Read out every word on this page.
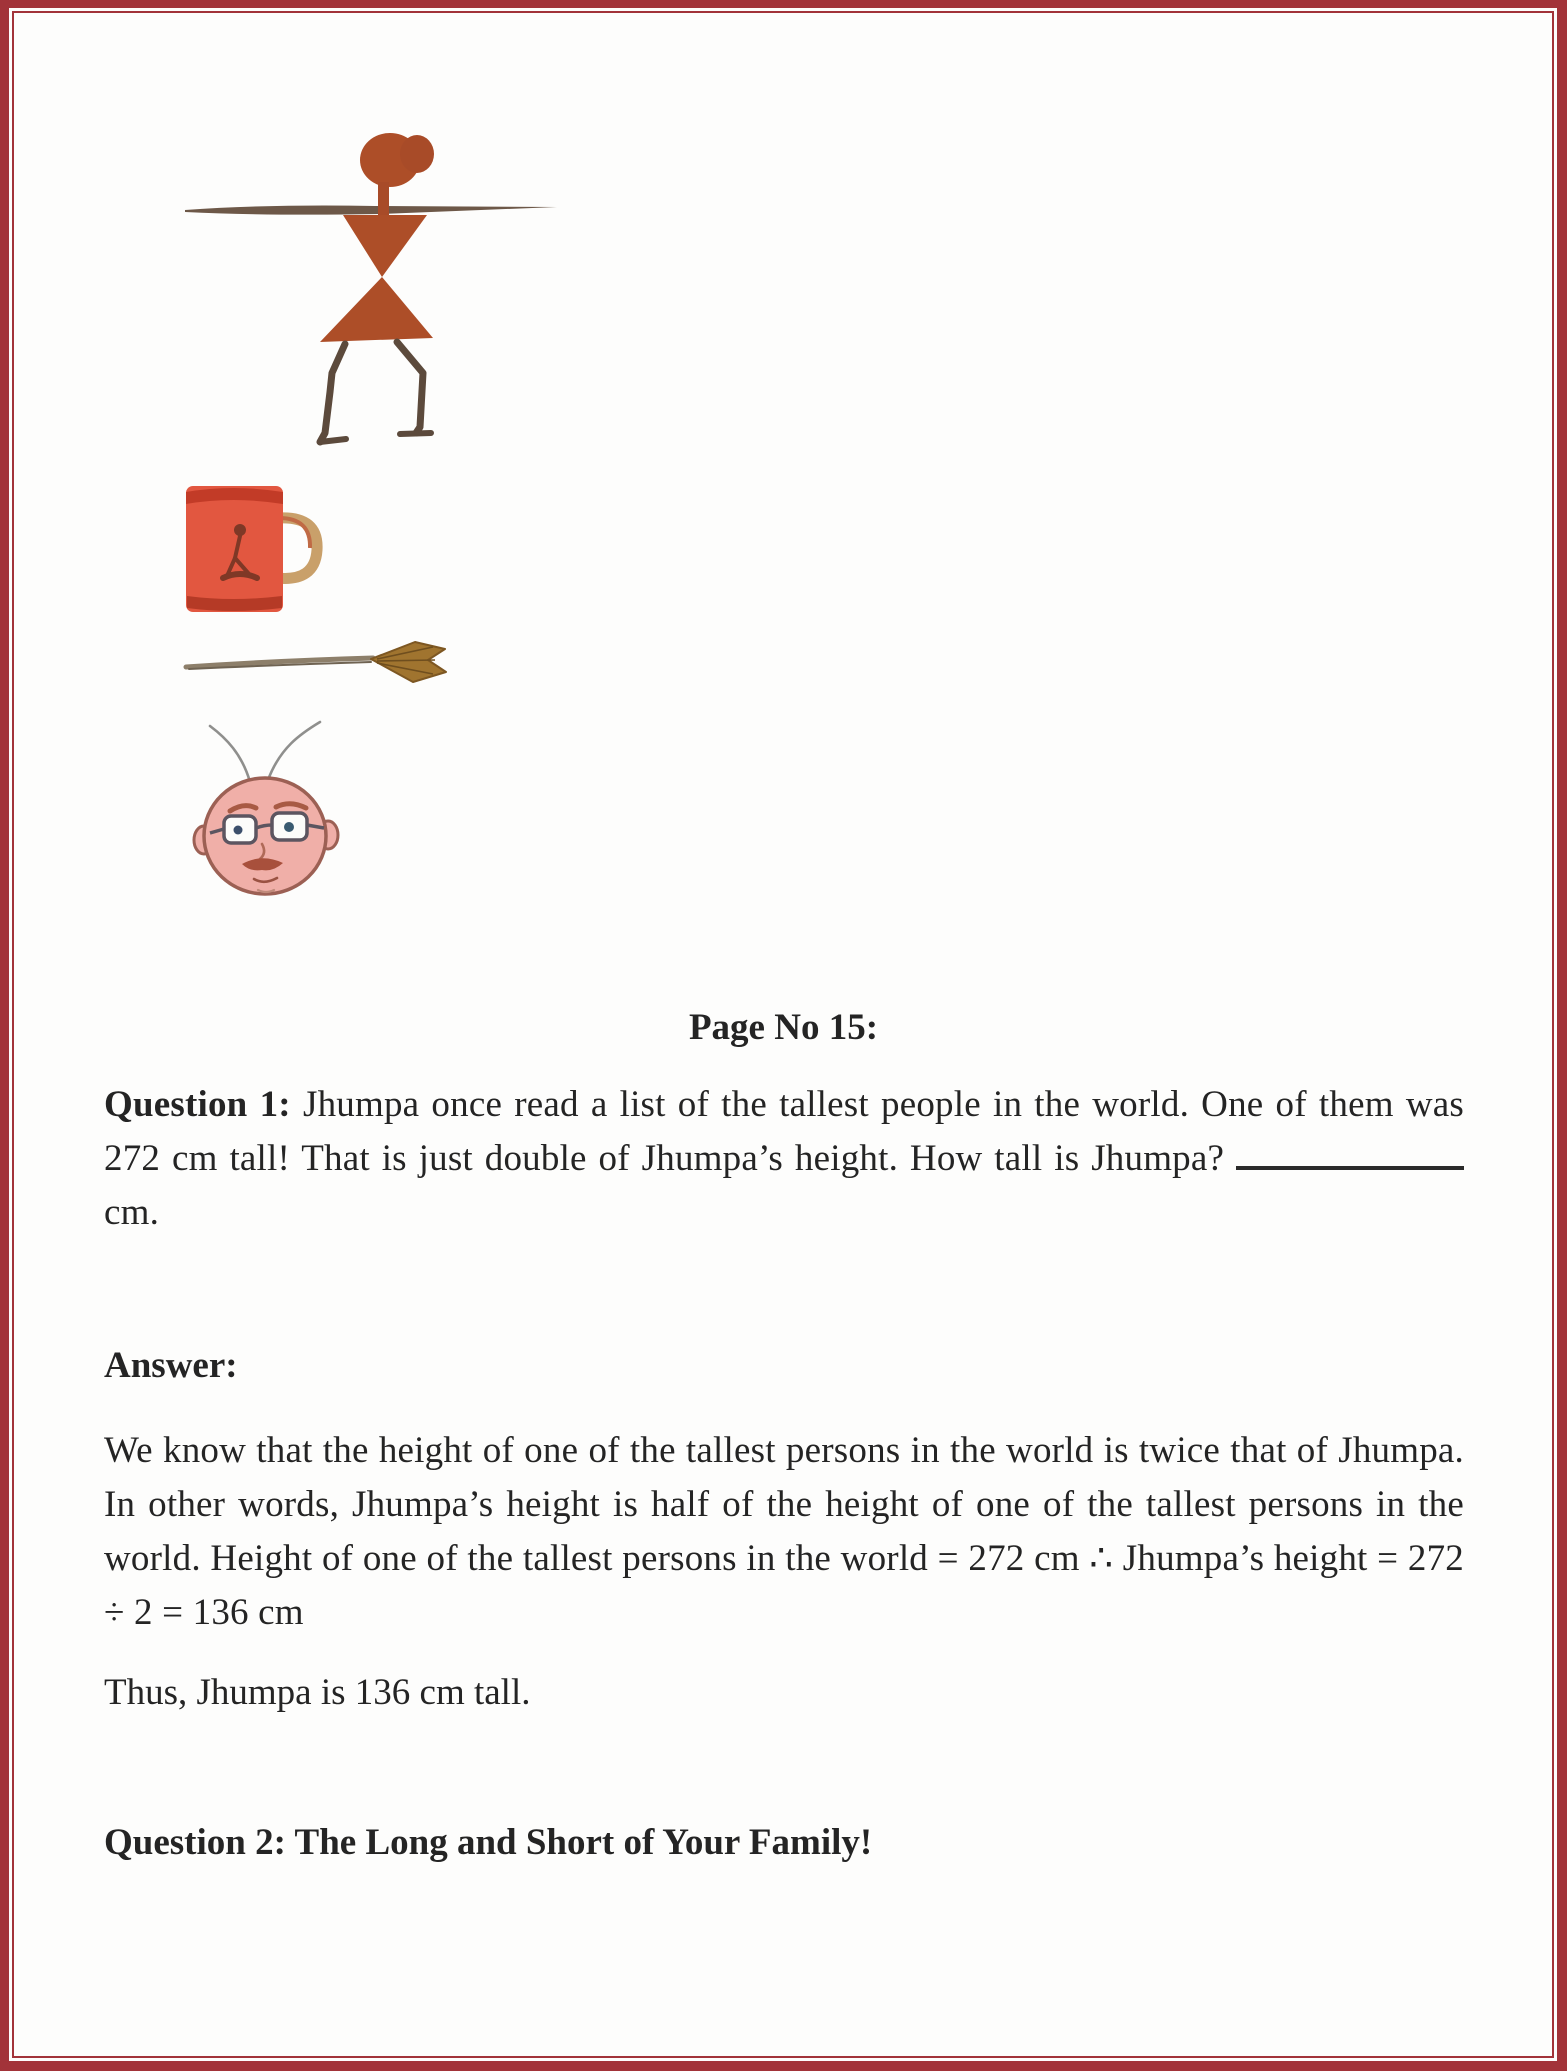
Page No 15:

Question 1: Jhumpa once read a list of the tallest people in the world. One of them was 272 cm tall! That is just double of Jhumpa’s height. How tall is Jhumpa?  cm.

Answer:

We know that the height of one of the tallest persons in the world is twice that of Jhumpa. In other words, Jhumpa’s height is half of the height of one of the tallest persons in the world. Height of one of the tallest persons in the world = 272 cm ∴ Jhumpa’s height = 272 ÷ 2 = 136 cm

Thus, Jhumpa is 136 cm tall.
Question 2: The Long and Short of Your Family!
